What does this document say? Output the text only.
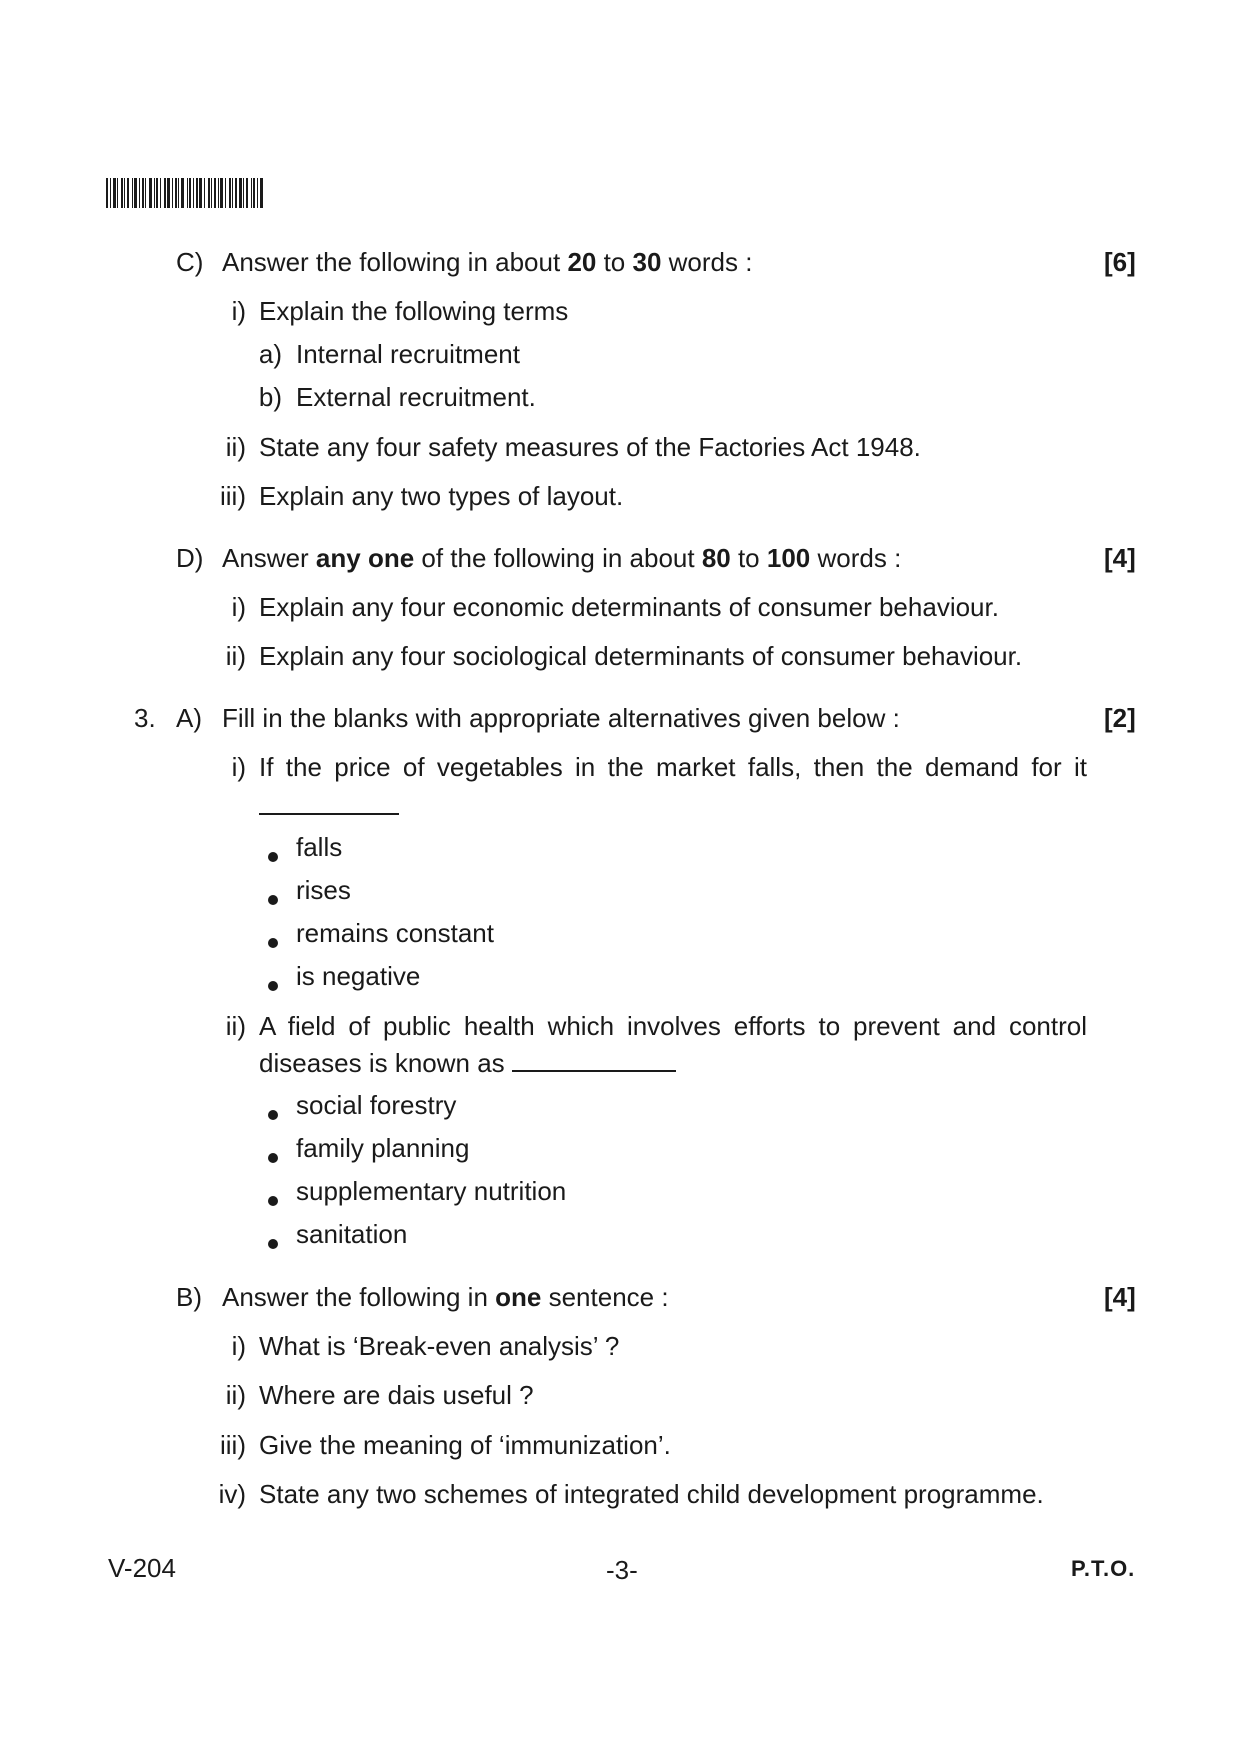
C) Answer the following in about 20 to 30 words :	[6]
i) Explain the following terms
a) Internal recruitment
b) External recruitment.
ii) State any four safety measures of the Factories Act 1948.
iii) Explain any two types of layout.
D) Answer any one of the following in about 80 to 100 words :	[4]
i) Explain any four economic determinants of consumer behaviour.
ii) Explain any four sociological determinants of consumer behaviour.
3. A) Fill in the blanks with appropriate alternatives given below :	[2]
i) If the price of vegetables in the market falls, then the demand for it
falls
rises
remains constant
is negative
ii) A field of public health which involves efforts to prevent and control
diseases is known as
social forestry
family planning
supplementary nutrition
sanitation
B) Answer the following in one sentence :	[4]
i) What is ‘Break-even analysis’ ?
ii) Where are dais useful ?
iii) Give the meaning of ‘immunization’.
iv) State any two schemes of integrated child development programme.
V-204	-3-	P.T.O.
